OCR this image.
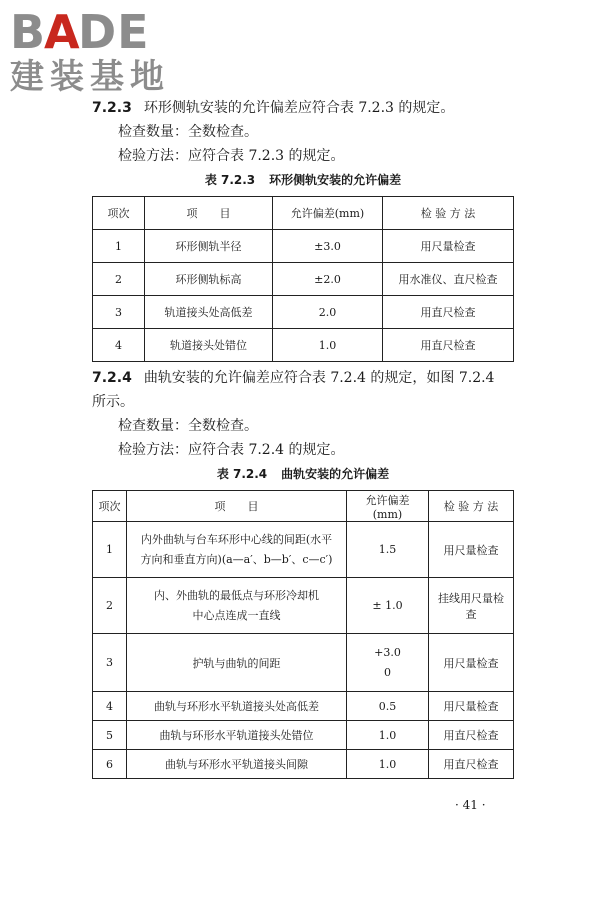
B
A
DE
建装基地

7.2.3 环形侧轨安装的允许偏差应符合表 7.2.3 的规定。

检查数量：全数检查。

检验方法：应符合表 7.2.3 的规定。

表 7.2.3 环形侧轨安装的允许偏差
项次	项　　目	允许偏差(mm)	检 验 方 法
1	环形侧轨半径	±3.0	用尺量检查
2	环形侧轨标高	±2.0	用水准仪、直尺检查
3	轨道接头处高低差	2.0	用直尺检查
4	轨道接头处错位	1.0	用直尺检查

7.2.4 曲轨安装的允许偏差应符合表 7.2.4 的规定，如图 7.2.4

所示。

检查数量：全数检查。

检验方法：应符合表 7.2.4 的规定。

表 7.2.4 曲轨安装的允许偏差
项次	项　　目	允许偏差(mm)	检 验 方 法
1	内外曲轨与台车环形中心线的间距(水平
方向和垂直方向)(a—a′、b—b′、c—c′)	1.5	用尺量检查
2	内、外曲轨的最低点与环形冷却机
中心点连成一直线	± 1.0	挂线用尺量检查
3	护轨与曲轨的间距	+3.0
0	用尺量检查
4	曲轨与环形水平轨道接头处高低差	0.5	用尺量检查
5	曲轨与环形水平轨道接头处错位	1.0	用直尺检查
6	曲轨与环形水平轨道接头间隙	1.0	用直尺检查
· 41 ·
